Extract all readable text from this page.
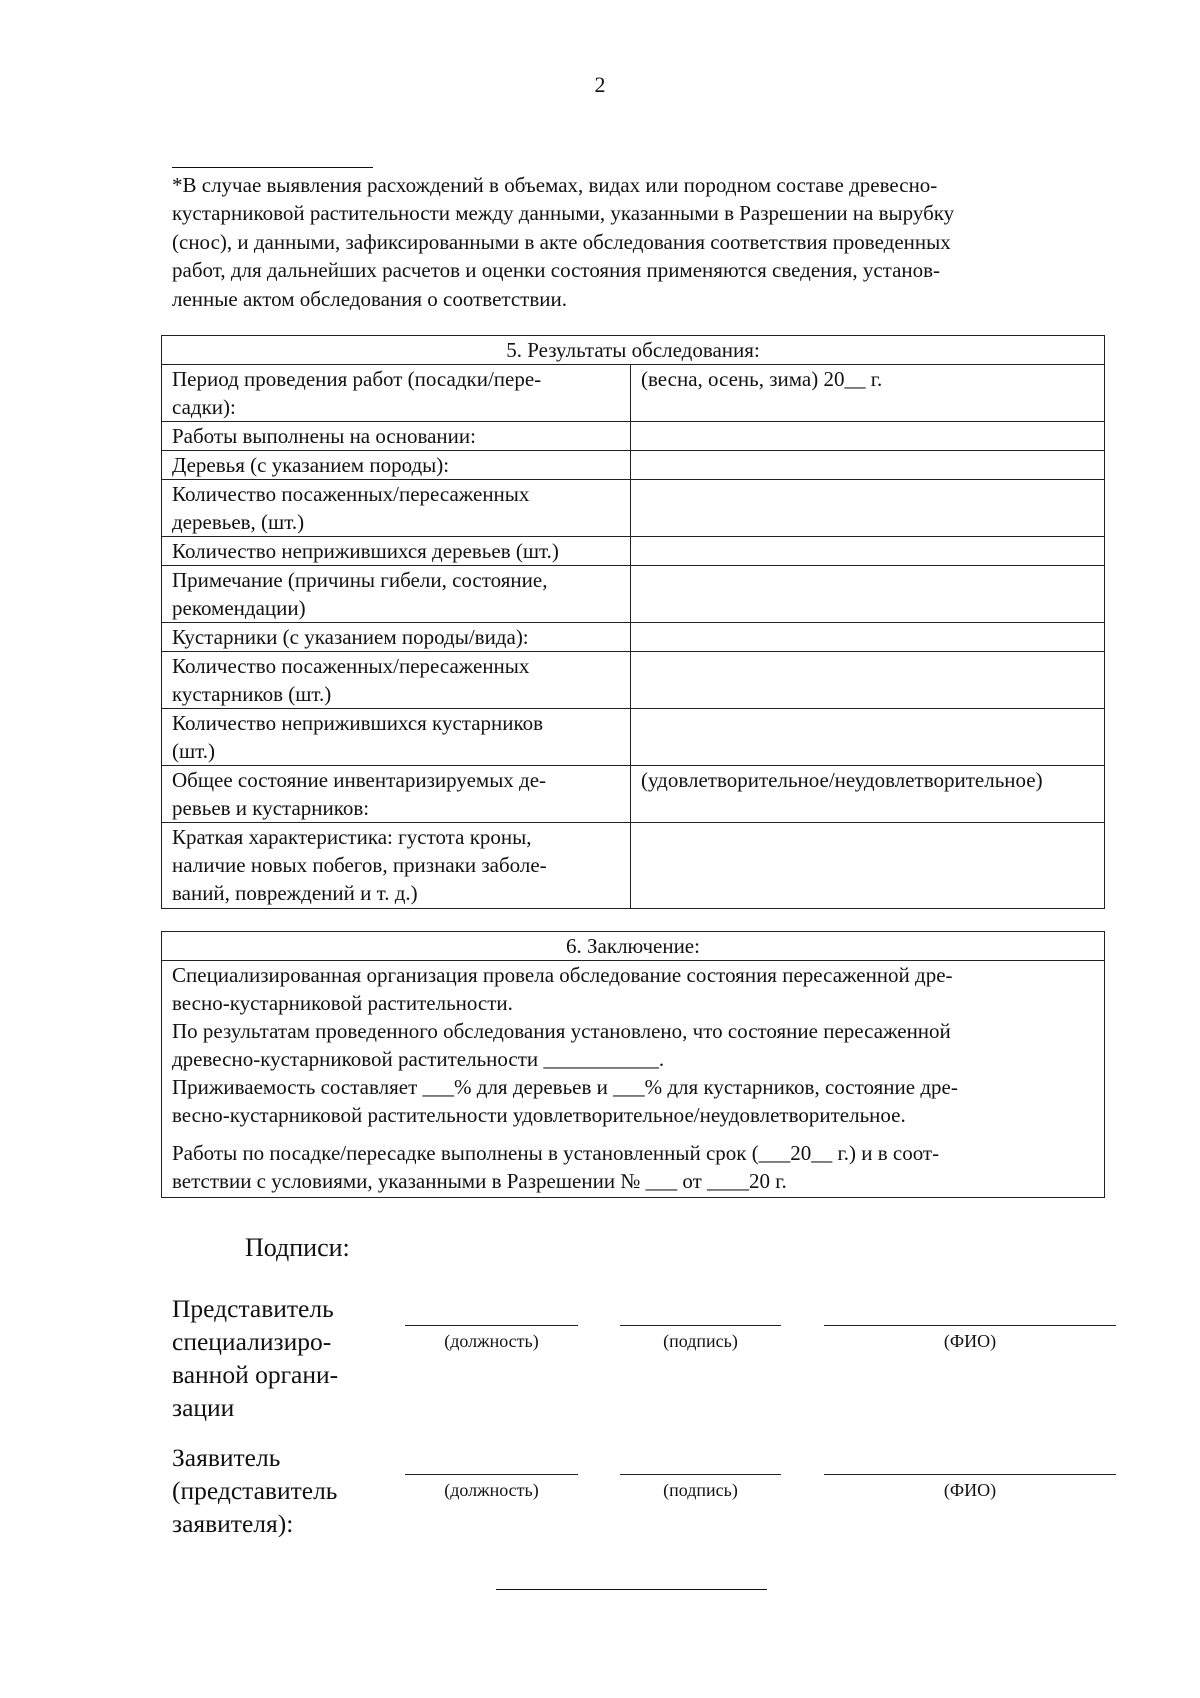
2
*В случае выявления расхождений в объемах, видах или породном составе древесно-
кустарниковой растительности между данными, указанными в Разрешении на вырубку
(снос), и данными, зафиксированными в акте обследования соответствия проведенных
работ, для дальнейших расчетов и оценки состояния применяются сведения, установ-
ленные актом обследования о соответствии.
5. Результаты обследования:	
Период проведения работ (посадки/пере-
садки):	(весна, осень, зима) 20__ г.
Работы выполнены на основании:	
Деревья (с указанием породы):	
Количество посаженных/пересаженных
деревьев, (шт.)	
Количество неприжившихся деревьев (шт.)	
Примечание (причины гибели, состояние,
рекомендации)	
Кустарники (с указанием породы/вида):	
Количество посаженных/пересаженных
кустарников (шт.)	
Количество неприжившихся кустарников
(шт.)	
Общее состояние инвентаризируемых де-
ревьев и кустарников:	(удовлетворительное/неудовлетворительное)
Краткая характеристика: густота кроны,
наличие новых побегов, признаки заболе-
ваний, повреждений и т. д.)	
6. Заключение:

Специализированная организация провела обследование состояния пересаженной дре-
весно-кустарниковой растительности.
По результатам проведенного обследования установлено, что состояние пересаженной
древесно-кустарниковой растительности ___________.
Приживаемость составляет ___% для деревьев и ___% для кустарников, состояние дре-
весно-кустарниковой растительности удовлетворительное/неудовлетворительное.
Работы по посадке/пересадке выполнены в установленный срок (___20__ г.) и в соот-
ветствии с условиями, указанными в Разрешении № ___ от ____20 г.
Подписи:
Представитель
специализиро-
ванной органи-
зации
(должность)	(подпись)	(ФИО)
Заявитель
(представитель
заявителя):
(должность)	(подпись)	(ФИО)
